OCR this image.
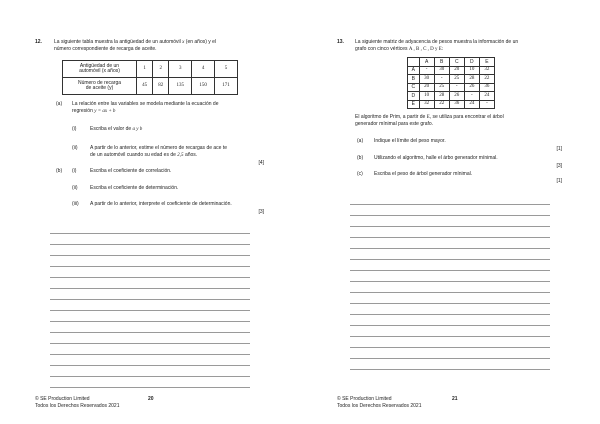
12. La siguiente tabla muestra la antigüedad de un automóvil x (en años) y el
número correspondiente de recarga de aceite.
Antigüedad de un
automóvil (x años)	1	2	3	4	5

Número de recarga
de aceite (y)	45	82	135	150	171
(a) La relación entre las variables se modela mediante la ecuación de
regresión y = ax + b
(i)	Escriba el valor de a y b
(ii) A partir de lo anterior, estime el número de recargas de ace te
de un automóvil cuando su edad es de 2,5 años.
[4]
(b) (i)	Escriba el coeficiente de correlación.
(ii) Escriba el coeficiente de determinación.
(iii) A partir de lo anterior, interprete el coeficiente de determinación.
[3]
© SE Production Limited
Todos los Derechos Reservados 2021
20
13. La siguiente matriz de adyacencia de pesos muestra la información de un
grafo con cinco vértices A , B , C , D y E:
	A	B	C	D	E
A	-	30	20	10	32
B	30	-	25	28	22
C	20	25	-	26	36
D	10	28	26	-	24
E	32	22	36	24	-
El algoritmo de Prim, a partir de E, se utiliza para encontrar el árbol
generador mínimal para este grafo.
(a) Indique el límite del peso mayor.
[1]
(b) Utilizando el algoritmo, halle el árbo generador mínimal.
[3]
(c) Escriba el peso de árbol generador mínimal.
[1]
© SE Production Limited
Todos los Derechos Reservados 2021
21
